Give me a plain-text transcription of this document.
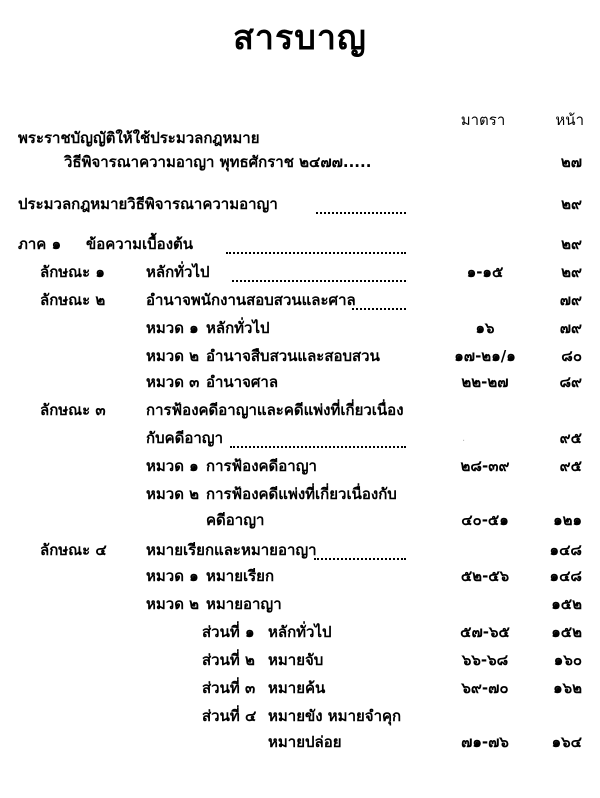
สารบาญ
มาตรา	หน้า
พระราชบัญญัติให้ใช้ประมวลกฎหมาย
วิธีพิจารณาความอาญา พุทธศักราช ๒๔๗๗.....	๒๗
ประมวลกฎหมายวิธีพิจารณาความอาญา	๒๙
ภาค ๑ ข้อความเบื้องต้น	๒๙
ลักษณะ ๑	หลักทั่วไป	๑-๑๕	๒๙
ลักษณะ ๒	อำนาจพนักงานสอบสวนและศาล	๗๙
หมวด ๑ หลักทั่วไป	๑๖	๗๙
หมวด ๒ อำนาจสืบสวนและสอบสวน	๑๗-๒๑/๑	๘๐
หมวด ๓ อำนาจศาล	๒๒-๒๗	๘๙
ลักษณะ ๓	การฟ้องคดีอาญาและคดีแพ่งที่เกี่ยวเนื่อง
กับคดีอาญา	๙๕
หมวด ๑ การฟ้องคดีอาญา	๒๘-๓๙	๙๕
หมวด ๒ การฟ้องคดีแพ่งที่เกี่ยวเนื่องกับ
คดีอาญา	๔๐-๕๑	๑๒๑
ลักษณะ ๔	หมายเรียกและหมายอาญา	๑๔๘
หมวด ๑ หมายเรียก	๕๒-๕๖	๑๔๘
หมวด ๒ หมายอาญา	๑๕๒
ส่วนที่ ๑ หลักทั่วไป	๕๗-๖๕	๑๕๒
ส่วนที่ ๒ หมายจับ	๖๖-๖๘	๑๖๐
ส่วนที่ ๓ หมายค้น	๖๙-๗๐	๑๖๒
ส่วนที่ ๔ หมายขัง หมายจำคุก
หมายปล่อย	๗๑-๗๖	๑๖๔
·
